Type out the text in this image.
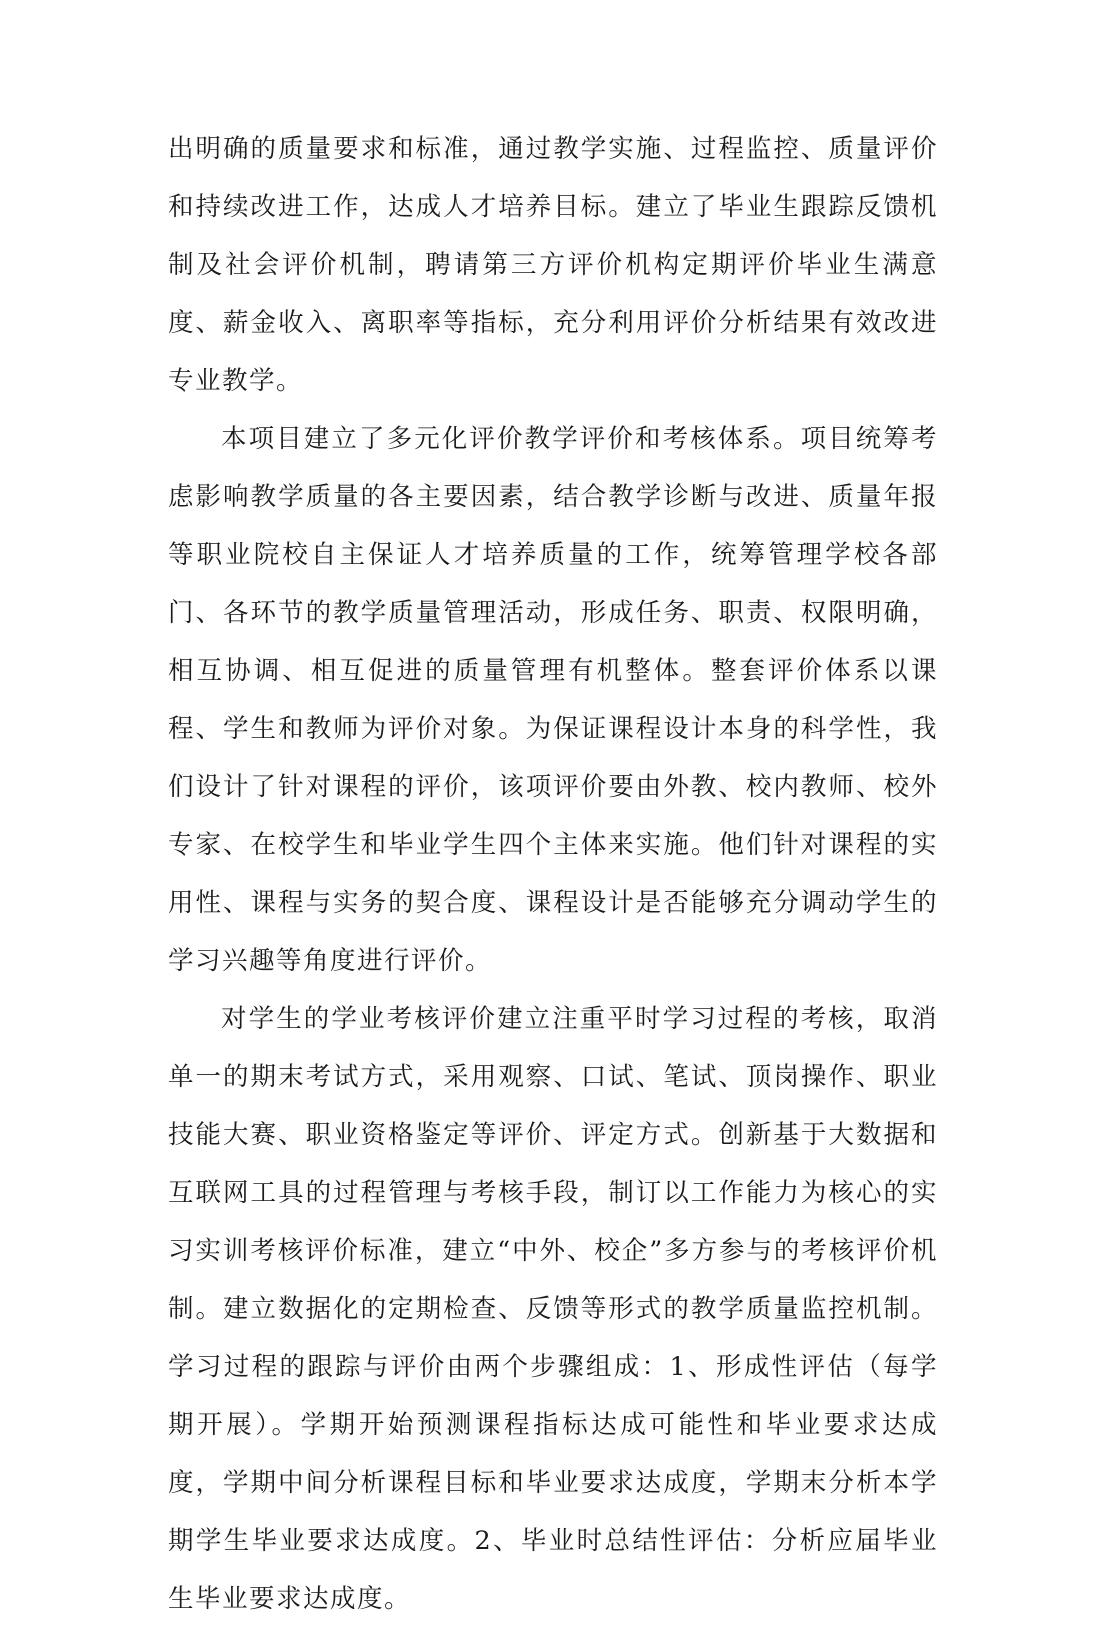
出明确的质量要求和标准，通过教学实施、过程监控、质量评价和持续改进工作，达成人才培养目标。建立了毕业生跟踪反馈机制及社会评价机制，聘请第三方评价机构定期评价毕业生满意度、薪金收入、离职率等指标，充分利用评价分析结果有效改进专业教学。

本项目建立了多元化评价教学评价和考核体系。项目统筹考虑影响教学质量的各主要因素，结合教学诊断与改进、质量年报等职业院校自主保证人才培养质量的工作，统筹管理学校各部门、各环节的教学质量管理活动，形成任务、职责、权限明确，相互协调、相互促进的质量管理有机整体。整套评价体系以课程、学生和教师为评价对象。为保证课程设计本身的科学性，我们设计了针对课程的评价，该项评价要由外教、校内教师、校外专家、在校学生和毕业学生四个主体来实施。他们针对课程的实用性、课程与实务的契合度、课程设计是否能够充分调动学生的学习兴趣等角度进行评价。

对学生的学业考核评价建立注重平时学习过程的考核，取消单一的期末考试方式，采用观察、口试、笔试、顶岗操作、职业技能大赛、职业资格鉴定等评价、评定方式。创新基于大数据和互联网工具的过程管理与考核手段，制订以工作能力为核心的实习实训考核评价标准，建立“中外、校企”多方参与的考核评价机制。建立数据化的定期检查、反馈等形式的教学质量监控机制。学习过程的跟踪与评价由两个步骤组成：1、形成性评估（每学期开展）。学期开始预测课程指标达成可能性和毕业要求达成度，学期中间分析课程目标和毕业要求达成度，学期末分析本学期学生毕业要求达成度。2、毕业时总结性评估：分析应届毕业生毕业要求达成度。
